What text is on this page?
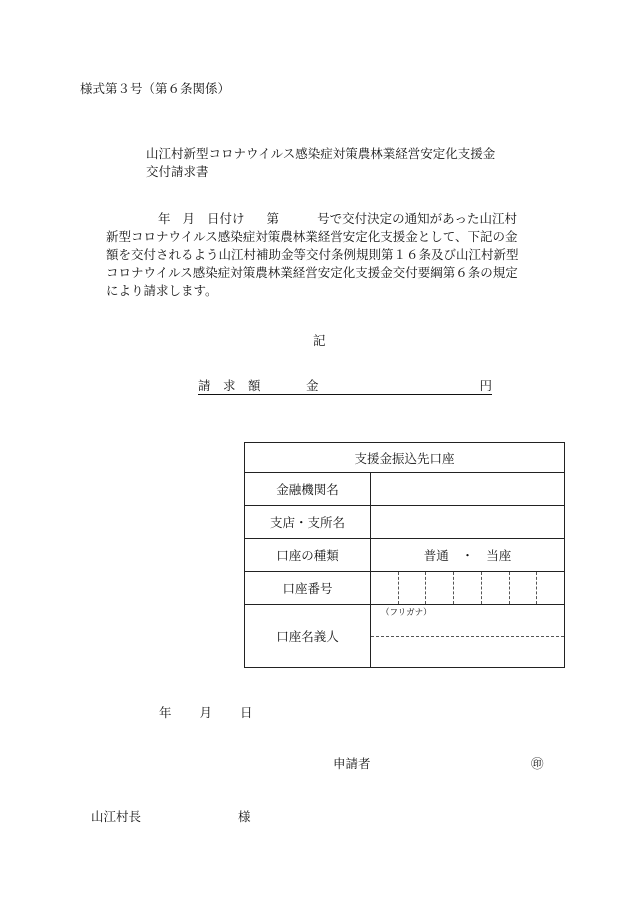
様式第３号（第６条関係）
山江村新型コロナウイルス感染症対策農林業経営安定化支援金
交付請求書
年 月 日付け 第	号で交付決定の通知があった山江村
新型コロナウイルス感染症対策農林業経営安定化支援金として、下記の金
額を交付されるよう山江村補助金等交付条例規則第１６条及び山江村新型
コロナウイルス感染症対策農林業経営安定化支援金交付要綱第６条の規定
により請求します。
記
請　求　額	金	円
支援金振込先口座	
金融機関名	
支店・支所名	
口座の種類	普通　・　当座
口座番号	

口座名義人	（フリガナ）
年 月 日
申請者	㊞
山江村長	様
